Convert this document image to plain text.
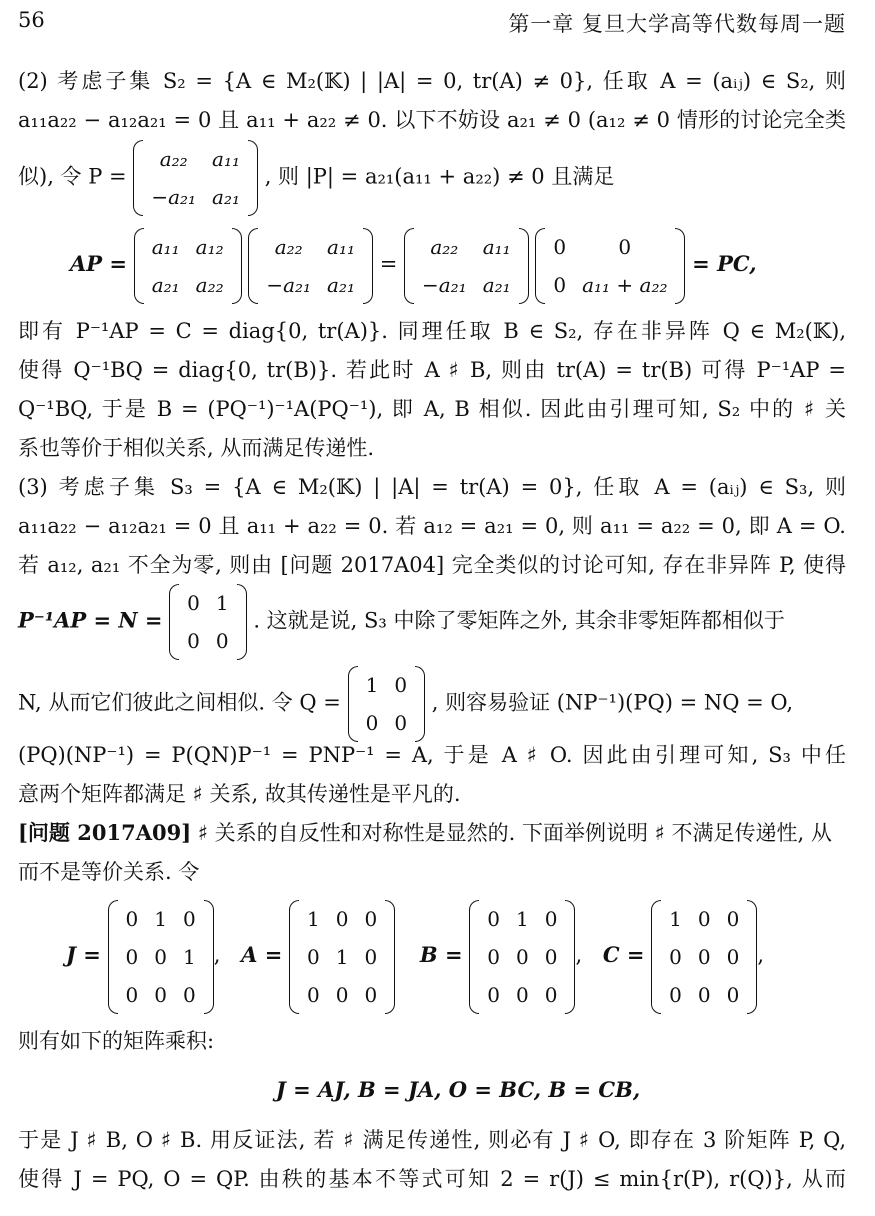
56	第一章 复旦大学高等代数每周一题
(2) 考虑子集 S₂ = {A ∈ M₂(𝕂) | |A| = 0, tr(A) ≠ 0}, 任取 A = (aᵢⱼ) ∈ S₂, 则
a₁₁a₂₂ − a₁₂a₂₁ = 0 且 a₁₁ + a₂₂ ≠ 0. 以下不妨设 a₂₁ ≠ 0 (a₁₂ ≠ 0 情形的讨论完全类
似), 令 P =
a₂₂	a₁₁
−a₂₁	a₂₁
, 则 |P| = a₂₁(a₁₁ + a₂₂) ≠ 0 且满足
AP =
a₁₁	a₁₂
a₂₁	a₂₂

a₂₂	a₁₁
−a₂₁	a₂₁
=
a₂₂	a₁₁
−a₂₁	a₂₁

0	0
0	a₁₁ + a₂₂
= PC,
即有 P⁻¹AP = C = diag{0, tr(A)}. 同理任取 B ∈ S₂, 存在非异阵 Q ∈ M₂(𝕂),
使得 Q⁻¹BQ = diag{0, tr(B)}. 若此时 A ♯ B, 则由 tr(A) = tr(B) 可得 P⁻¹AP =
Q⁻¹BQ, 于是 B = (PQ⁻¹)⁻¹A(PQ⁻¹), 即 A, B 相似. 因此由引理可知, S₂ 中的 ♯ 关
系也等价于相似关系, 从而满足传递性.
(3) 考虑子集 S₃ = {A ∈ M₂(𝕂) | |A| = tr(A) = 0}, 任取 A = (aᵢⱼ) ∈ S₃, 则
a₁₁a₂₂ − a₁₂a₂₁ = 0 且 a₁₁ + a₂₂ = 0. 若 a₁₂ = a₂₁ = 0, 则 a₁₁ = a₂₂ = 0, 即 A = O.
若 a₁₂, a₂₁ 不全为零, 则由 [问题 2017A04] 完全类似的讨论可知, 存在非异阵 P, 使得
P⁻¹AP = N =
0	1
0	0
. 这就是说, S₃ 中除了零矩阵之外, 其余非零矩阵都相似于
N, 从而它们彼此之间相似. 令 Q =
1	0
0	0
, 则容易验证 (NP⁻¹)(PQ) = NQ = O,
(PQ)(NP⁻¹) = P(QN)P⁻¹ = PNP⁻¹ = A, 于是 A ♯ O. 因此由引理可知, S₃ 中任
意两个矩阵都满足 ♯ 关系, 故其传递性是平凡的.
[问题 2017A09] ♯ 关系的自反性和对称性是显然的. 下面举例说明 ♯ 不满足传递性, 从
而不是等价关系. 令
J =
0	1	0
0	0	1
0	0	0
, A =
1	0	0
0	1	0
0	0	0
B =
0	1	0
0	0	0
0	0	0
, C =
1	0	0
0	0	0
0	0	0
,
则有如下的矩阵乘积:
J = AJ, B = JA, O = BC, B = CB,
于是 J ♯ B, O ♯ B. 用反证法, 若 ♯ 满足传递性, 则必有 J ♯ O, 即存在 3 阶矩阵 P, Q,
使得 J = PQ, O = QP. 由秩的基本不等式可知 2 = r(J) ≤ min{r(P), r(Q)}, 从而
